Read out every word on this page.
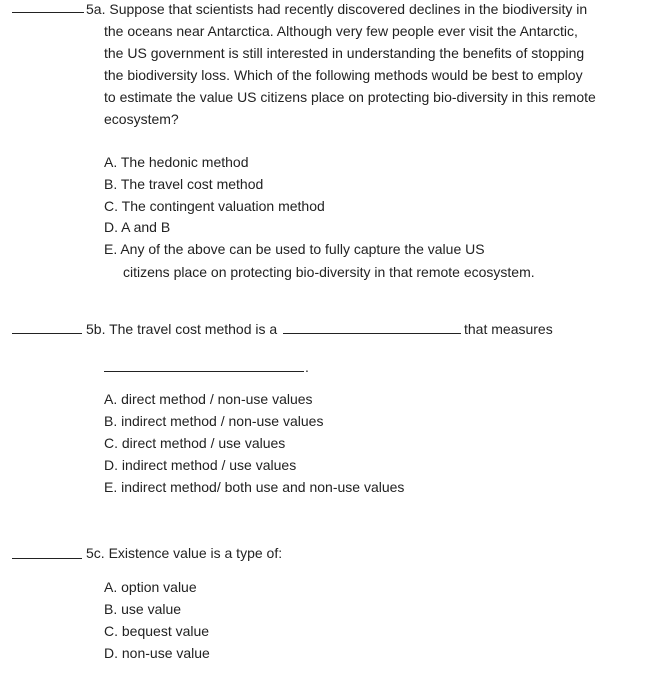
5a. Suppose that scientists had recently discovered declines in the biodiversity in
the oceans near Antarctica. Although very few people ever visit the Antarctic,
the US government is still interested in understanding the benefits of stopping
the biodiversity loss. Which of the following methods would be best to employ
to estimate the value US citizens place on protecting bio-diversity in this remote
ecosystem?
A. The hedonic method
B. The travel cost method
C. The contingent valuation method
D. A and B
E. Any of the above can be used to fully capture the value US
citizens place on protecting bio-diversity in that remote ecosystem.
5b. The travel cost method is a	that measures
.
A. direct method / non-use values
B. indirect method / non-use values
C. direct method / use values
D. indirect method / use values
E. indirect method/ both use and non-use values
5c. Existence value is a type of:
A. option value
B. use value
C. bequest value
D. non-use value
